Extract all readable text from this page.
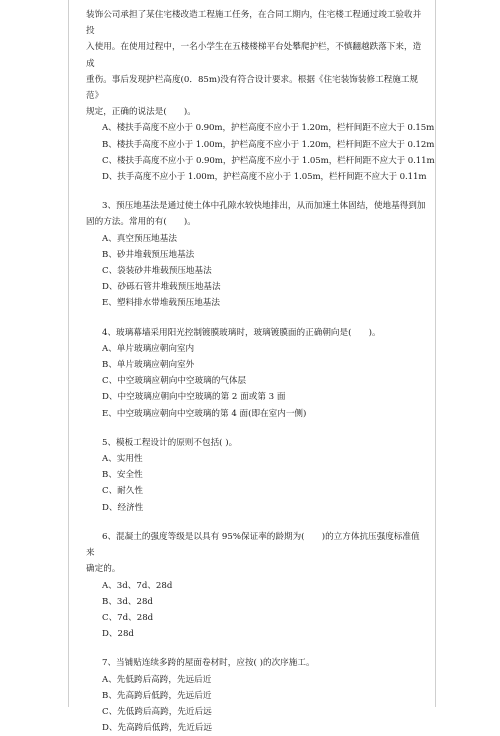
装饰公司承担了某住宅楼改造工程施工任务，在合同工期内，住宅楼工程通过竣工验收并投

入使用。在使用过程中，一名小学生在五楼楼梯平台处攀爬护栏，不慎翻越跌落下来，造成

重伤。事后发现护栏高度(0．85m)没有符合设计要求。根据《住宅装饰装修工程施工规范》

规定，正确的说法是(　　)。

A、楼扶手高度不应小于 0.90m，护栏高度不应小于 1.20m，栏杆间距不应大于 0.15m

B、楼扶手高度不应小于 1.00m，护栏高度不应小于 1.20m，栏杆间距不应大于 0.12m

C、楼扶手高度不应小于 0.90m，护栏高度不应小于 1.05m，栏杆间距不应大于 0.11m

D、扶手高度不应小于 1.00m，护栏高度不应小于 1.05m，栏杆间距不应大于 0.11m

3、预压地基法是通过使土体中孔隙水较快地排出，从而加速土体固结，使地基得到加

固的方法。常用的有(　　)。

A、真空预压地基法

B、砂井堆载预压地基法

C、袋装砂井堆载预压地基法

D、砂砾石管井堆载预压地基法

E、塑料排水带堆载预压地基法

4、玻璃幕墙采用阳光控制镀膜玻璃时，玻璃镀膜面的正确朝向是(　　)。

A、单片玻璃应朝向室内

B、单片玻璃应朝向室外

C、中空玻璃应朝向中空玻璃的气体层

D、中空玻璃应朝向中空玻璃的第 2 面或第 3 面

E、中空玻璃应朝向中空玻璃的第 4 面(即在室内一侧)

5、模板工程设计的原则不包括( )。

A、实用性

B、安全性

C、耐久性

D、经济性

6、混凝土的强度等级是以具有 95%保证率的龄期为(　　)的立方体抗压强度标准值来

确定的。

A、3d、7d、28d

B、3d、28d

C、7d、28d

D、28d

7、当铺贴连续多跨的屋面卷材时，应按( )的次序施工。

A、先低跨后高跨，先远后近

B、先高跨后低跨，先远后近

C、先低跨后高跨，先近后远

D、先高跨后低跨，先近后远
